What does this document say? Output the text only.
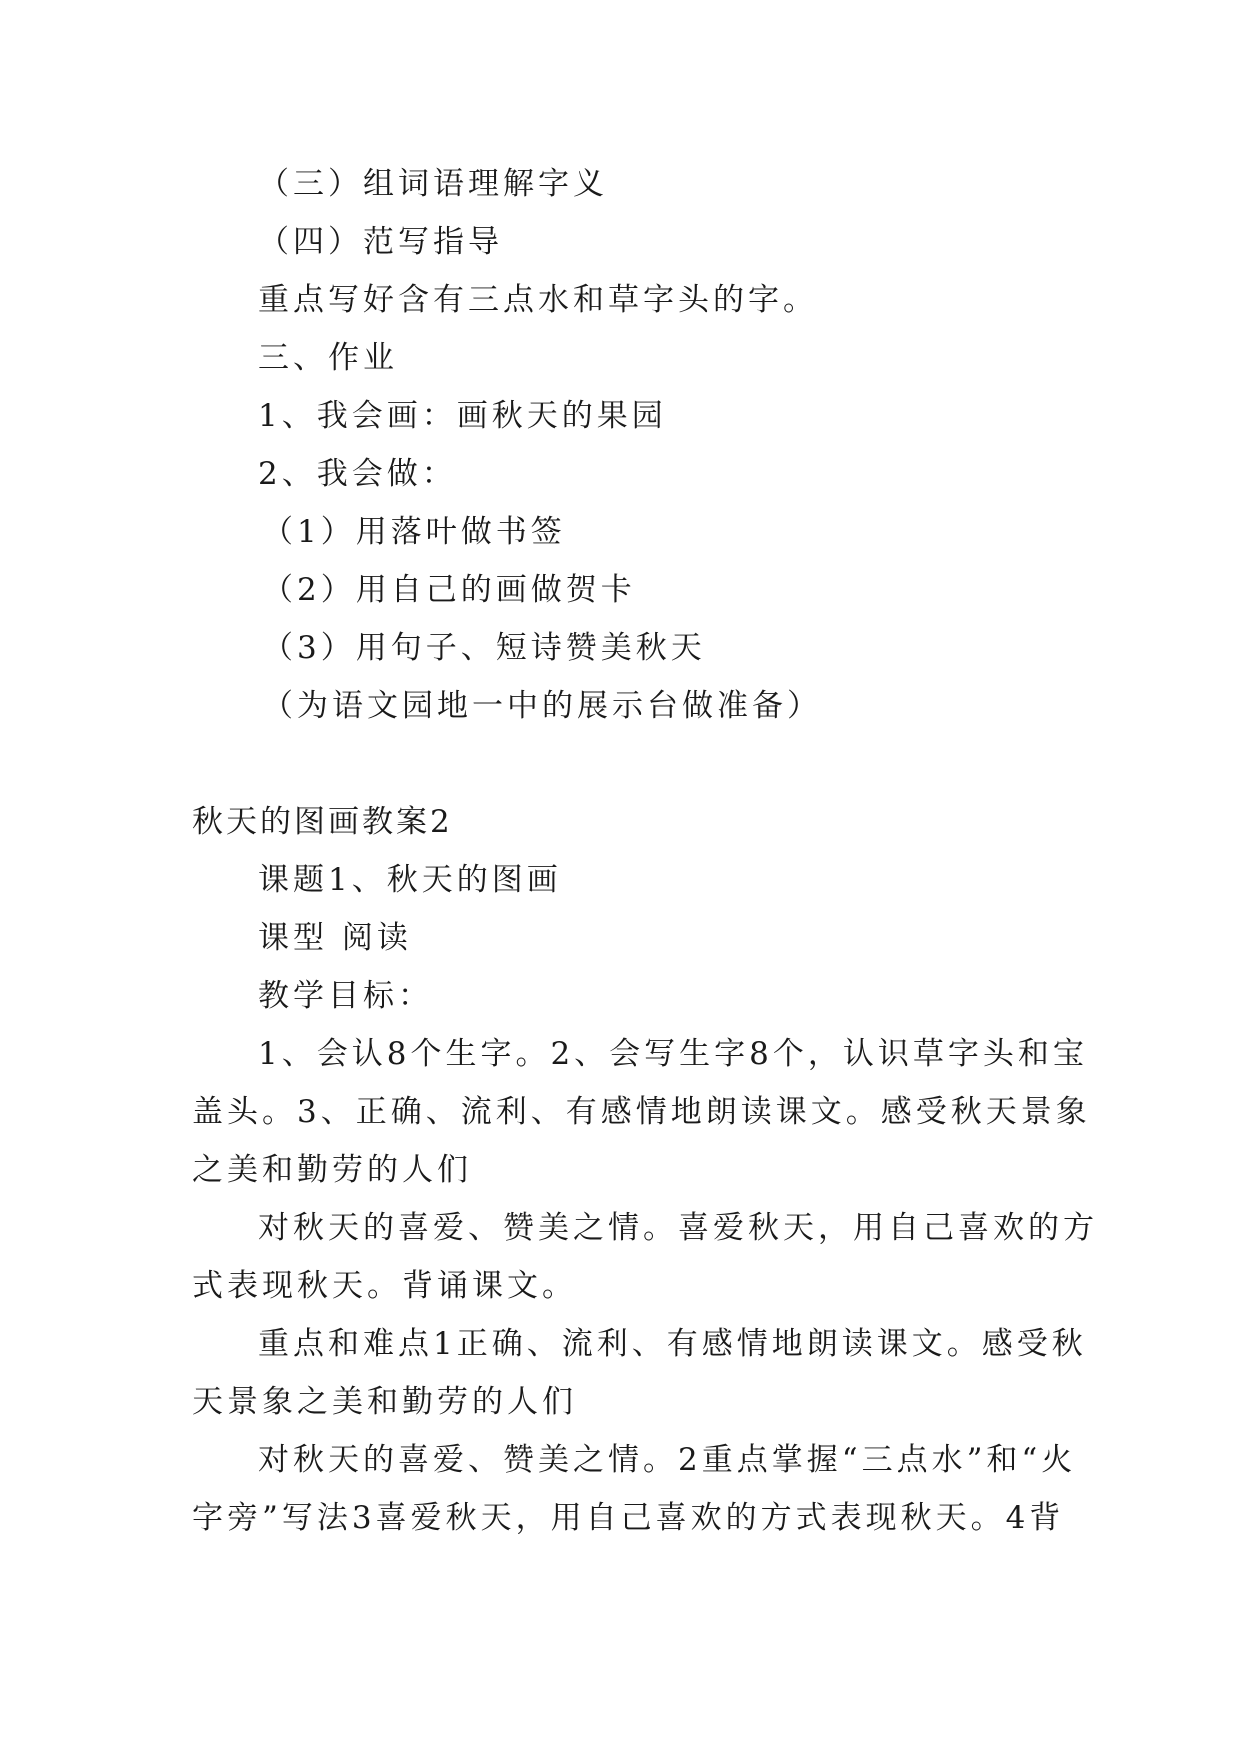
（三）组词语理解字义

（四）范写指导

重点写好含有三点水和草字头的字。

三、作业

1、我会画：画秋天的果园

2、我会做：

（1）用落叶做书签

（2）用自己的画做贺卡

（3）用句子、短诗赞美秋天

（为语文园地一中的展示台做准备）

秋天的图画教案2

课题1、秋天的图画

课型 阅读

教学目标：

1、会认8个生字。2、会写生字8个，认识草字头和宝

盖头。3、正确、流利、有感情地朗读课文。感受秋天景象

之美和勤劳的人们

对秋天的喜爱、赞美之情。喜爱秋天，用自己喜欢的方

式表现秋天。背诵课文。

重点和难点1正确、流利、有感情地朗读课文。感受秋

天景象之美和勤劳的人们

对秋天的喜爱、赞美之情。2重点掌握“三点水”和“火

字旁”写法3喜爱秋天，用自己喜欢的方式表现秋天。4背
